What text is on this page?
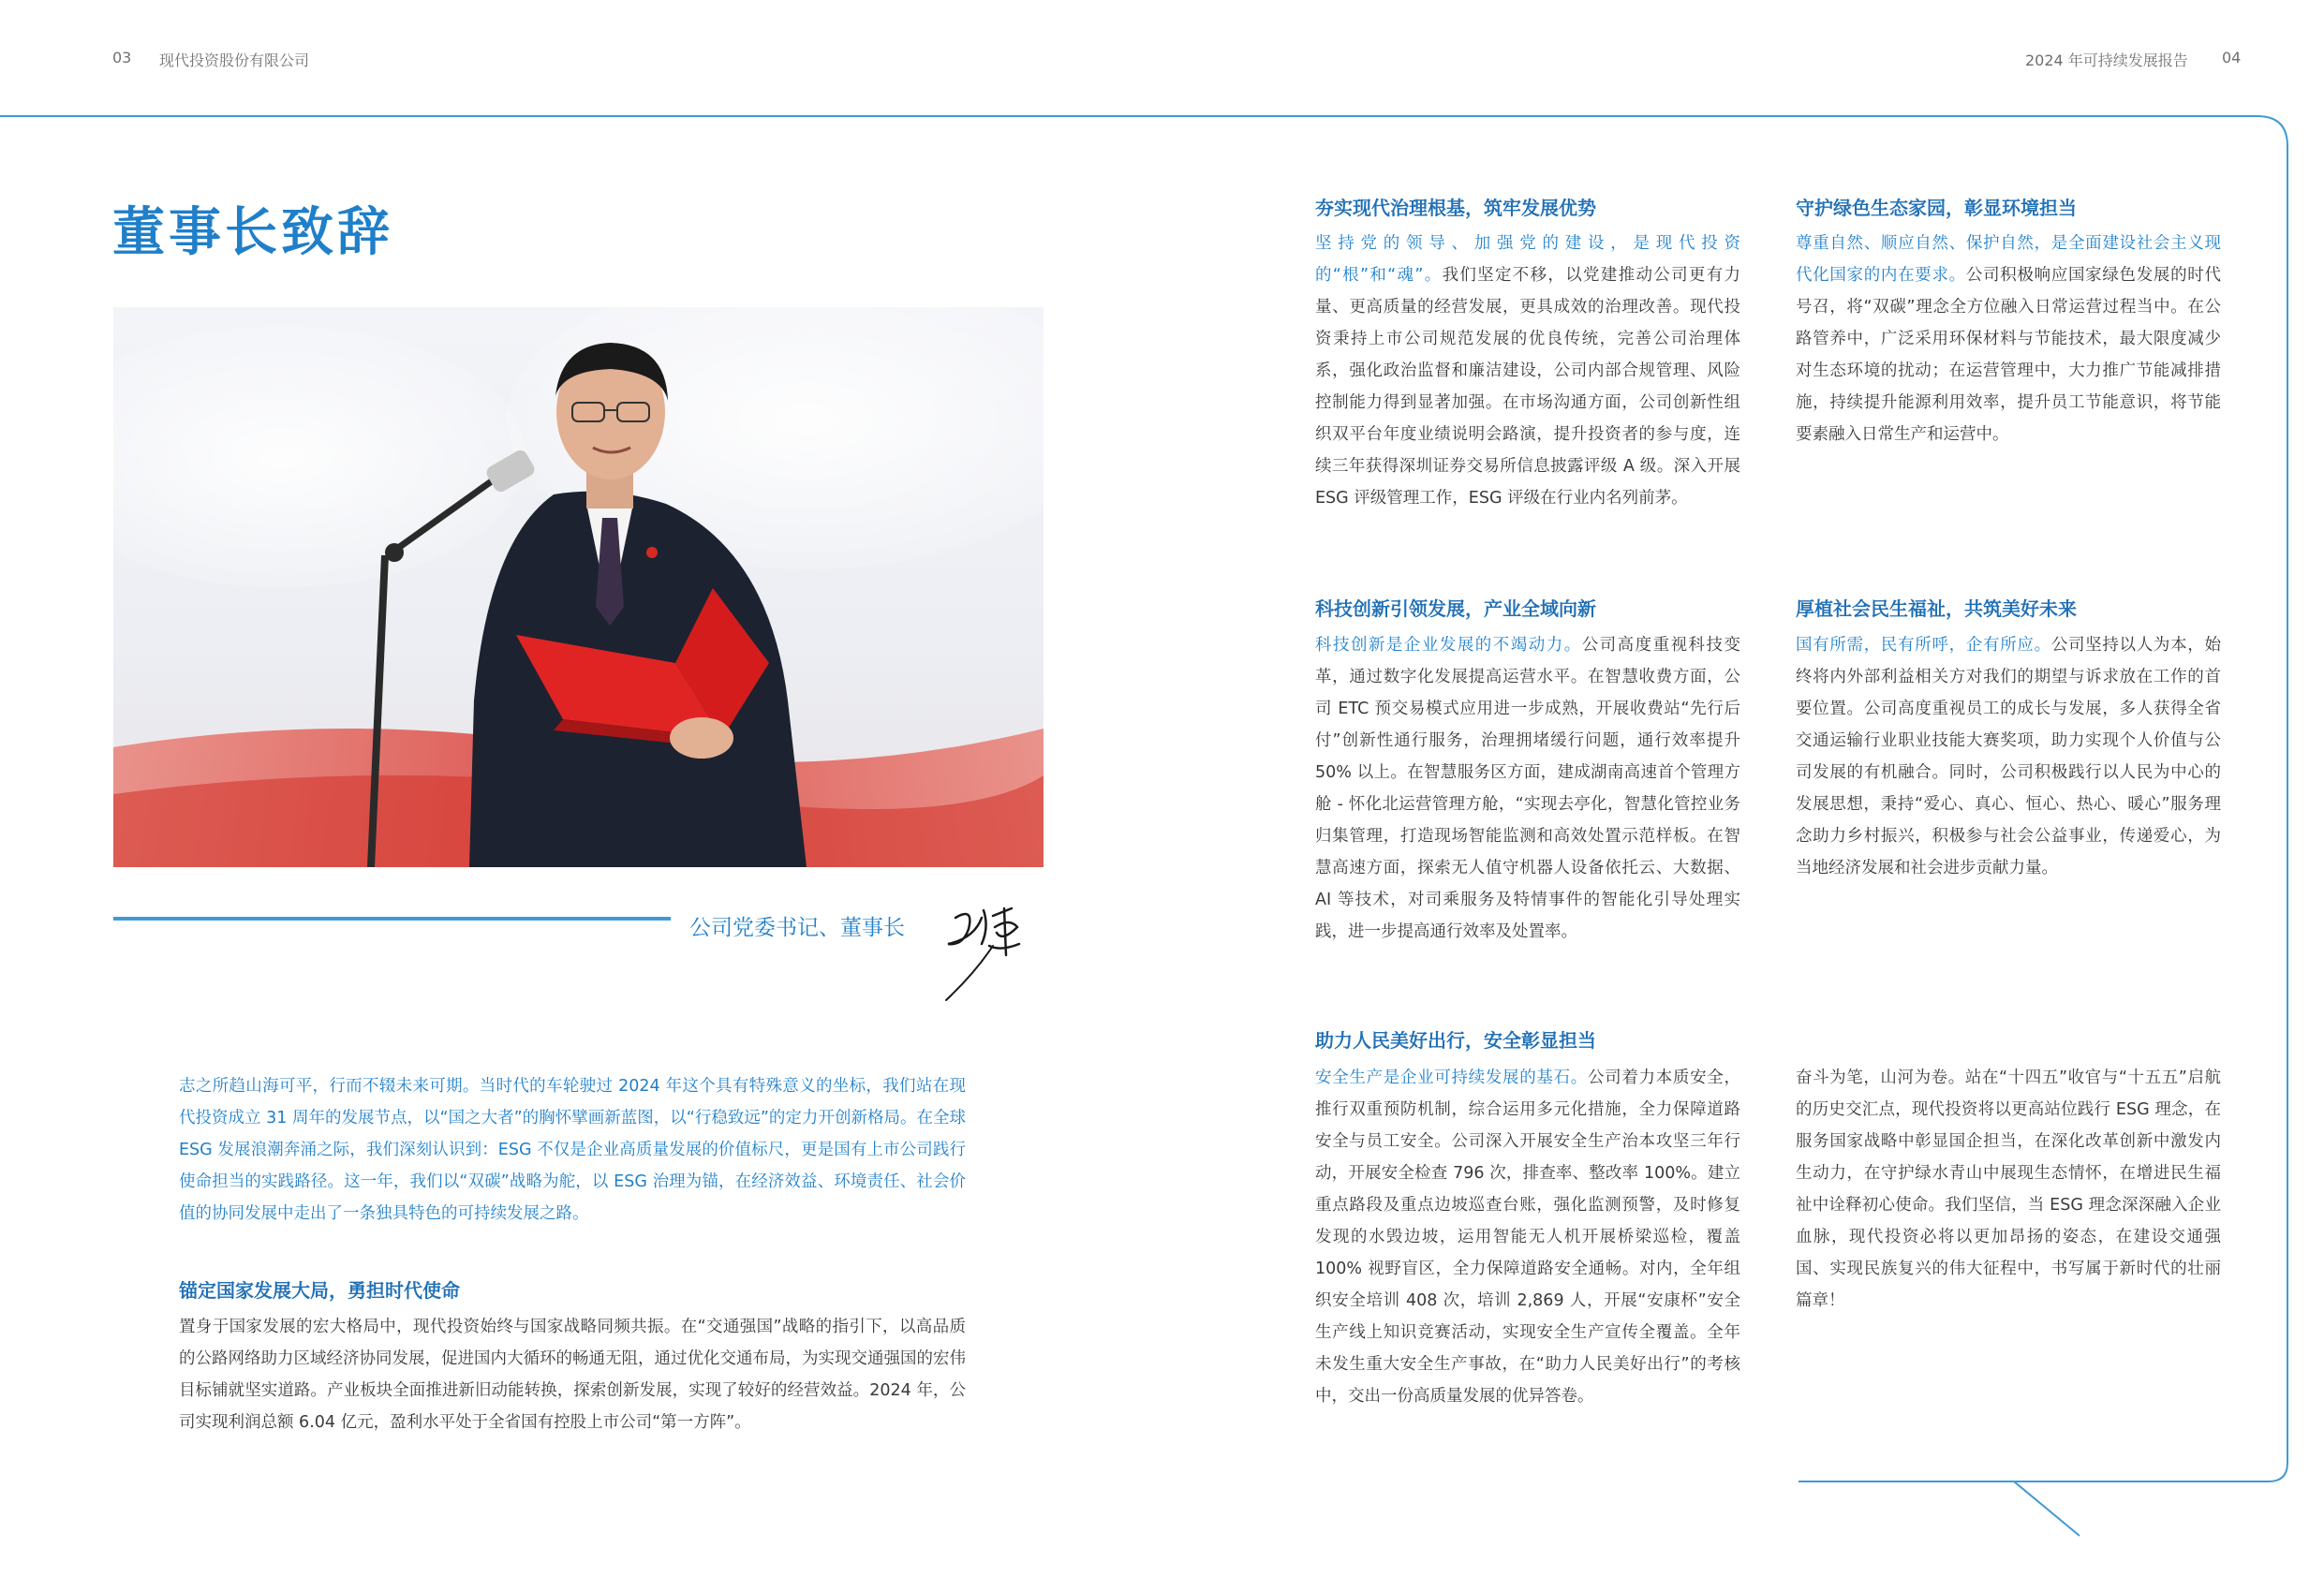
03 现代投资股份有限公司	2024 年可持续发展报告 04
董事长致辞
公司党委书记、董事长
志之所趋山海可平，行而不辍未来可期。当时代的车轮驶过 2024 年这个具有特殊意义的坐标，我们站在现代投资成立 31 周年的发展节点，以“国之大者”的胸怀擘画新蓝图，以“行稳致远”的定力开创新格局。在全球 ESG 发展浪潮奔涌之际，我们深刻认识到：ESG 不仅是企业高质量发展的价值标尺，更是国有上市公司践行使命担当的实践路径。这一年，我们以“双碳”战略为舵，以 ESG 治理为锚，在经济效益、环境责任、社会价值的协同发展中走出了一条独具特色的可持续发展之路。
锚定国家发展大局，勇担时代使命
置身于国家发展的宏大格局中，现代投资始终与国家战略同频共振。在“交通强国”战略的指引下，以高品质的公路网络助力区域经济协同发展，促进国内大循环的畅通无阻，通过优化交通布局，为实现交通强国的宏伟目标铺就坚实道路。产业板块全面推进新旧动能转换，探索创新发展，实现了较好的经营效益。2024 年，公司实现利润总额 6.04 亿元，盈利水平处于全省国有控股上市公司“第一方阵”。
夯实现代治理根基，筑牢发展优势
坚持党的领导、加强党的建设，是现代投资的“根”和“魂”。我们坚定不移，以党建推动公司更有力量、更高质量的经营发展，更具成效的治理改善。现代投资秉持上市公司规范发展的优良传统，完善公司治理体系，强化政治监督和廉洁建设，公司内部合规管理、风险控制能力得到显著加强。在市场沟通方面，公司创新性组织双平台年度业绩说明会路演，提升投资者的参与度，连续三年获得深圳证券交易所信息披露评级 A 级。深入开展 ESG 评级管理工作，ESG 评级在行业内名列前茅。
科技创新引领发展，产业全域向新
科技创新是企业发展的不竭动力。公司高度重视科技变革，通过数字化发展提高运营水平。在智慧收费方面，公司 ETC 预交易模式应用进一步成熟，开展收费站“先行后付”创新性通行服务，治理拥堵缓行问题，通行效率提升 50% 以上。在智慧服务区方面，建成湖南高速首个管理方舱 - 怀化北运营管理方舱，“实现去亭化，智慧化管控业务归集管理，打造现场智能监测和高效处置示范样板。在智慧高速方面，探索无人值守机器人设备依托云、大数据、AI 等技术，对司乘服务及特情事件的智能化引导处理实践，进一步提高通行效率及处置率。
助力人民美好出行，安全彰显担当
安全生产是企业可持续发展的基石。公司着力本质安全，推行双重预防机制，综合运用多元化措施，全力保障道路安全与员工安全。公司深入开展安全生产治本攻坚三年行动，开展安全检查 796 次，排查率、整改率 100%。建立重点路段及重点边坡巡查台账，强化监测预警，及时修复发现的水毁边坡，运用智能无人机开展桥梁巡检，覆盖 100% 视野盲区，全力保障道路安全通畅。对内，全年组织安全培训 408 次，培训 2,869 人，开展“安康杯”安全生产线上知识竞赛活动，实现安全生产宣传全覆盖。全年未发生重大安全生产事故，在“助力人民美好出行”的考核中，交出一份高质量发展的优异答卷。
守护绿色生态家园，彰显环境担当
尊重自然、顺应自然、保护自然，是全面建设社会主义现代化国家的内在要求。公司积极响应国家绿色发展的时代号召，将“双碳”理念全方位融入日常运营过程当中。在公路管养中，广泛采用环保材料与节能技术，最大限度减少对生态环境的扰动；在运营管理中，大力推广节能减排措施，持续提升能源利用效率，提升员工节能意识，将节能要素融入日常生产和运营中。
厚植社会民生福祉，共筑美好未来
国有所需，民有所呼，企有所应。公司坚持以人为本，始终将内外部利益相关方对我们的期望与诉求放在工作的首要位置。公司高度重视员工的成长与发展，多人获得全省交通运输行业职业技能大赛奖项，助力实现个人价值与公司发展的有机融合。同时，公司积极践行以人民为中心的发展思想，秉持“爱心、真心、恒心、热心、暖心”服务理念助力乡村振兴，积极参与社会公益事业，传递爱心，为当地经济发展和社会进步贡献力量。
奋斗为笔，山河为卷。站在“十四五”收官与“十五五”启航的历史交汇点，现代投资将以更高站位践行 ESG 理念，在服务国家战略中彰显国企担当，在深化改革创新中激发内生动力，在守护绿水青山中展现生态情怀，在增进民生福祉中诠释初心使命。我们坚信，当 ESG 理念深深融入企业血脉，现代投资必将以更加昂扬的姿态，在建设交通强国、实现民族复兴的伟大征程中，书写属于新时代的壮丽篇章！
